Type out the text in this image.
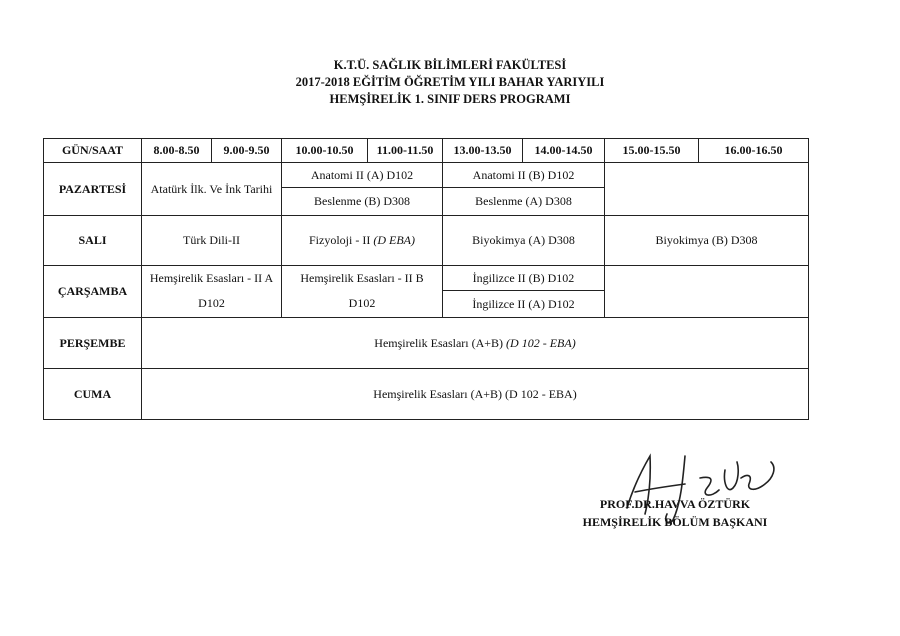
K.T.Ü. SAĞLIK BİLİMLERİ FAKÜLTESİ
2017-2018 EĞİTİM ÖĞRETİM YILI BAHAR YARIYILI
HEMŞİRELİK 1. SINIF DERS PROGRAMI
GÜN/SAAT	8.00-8.50	9.00-9.50	10.00-10.50	11.00-11.50	13.00-13.50	14.00-14.50	15.00-15.50	16.00-16.50
PAZARTESİ	Atatürk İlk. Ve İnk Tarihi		Anatomi II (A) D102		Anatomi II (B) D102			
			Beslenme (B) D308		Beslenme (A) D308			
SALI	Türk Dili-II		Fizyoloji - II (D EBA)		Biyokimya (A) D308		Biyokimya (B) D308	
ÇARŞAMBA	Hemşirelik Esasları - II A		Hemşirelik Esasları - II B		İngilizce II (B) D102			
	D102		D102		İngilizce II (A) D102			
PERŞEMBE	Hemşirelik Esasları (A+B) (D 102 - EBA)							
CUMA	Hemşirelik Esasları (A+B) (D 102 - EBA)							
PROF.DR.HAVVA ÖZTÜRK
HEMŞİRELİK BÖLÜM BAŞKANI
